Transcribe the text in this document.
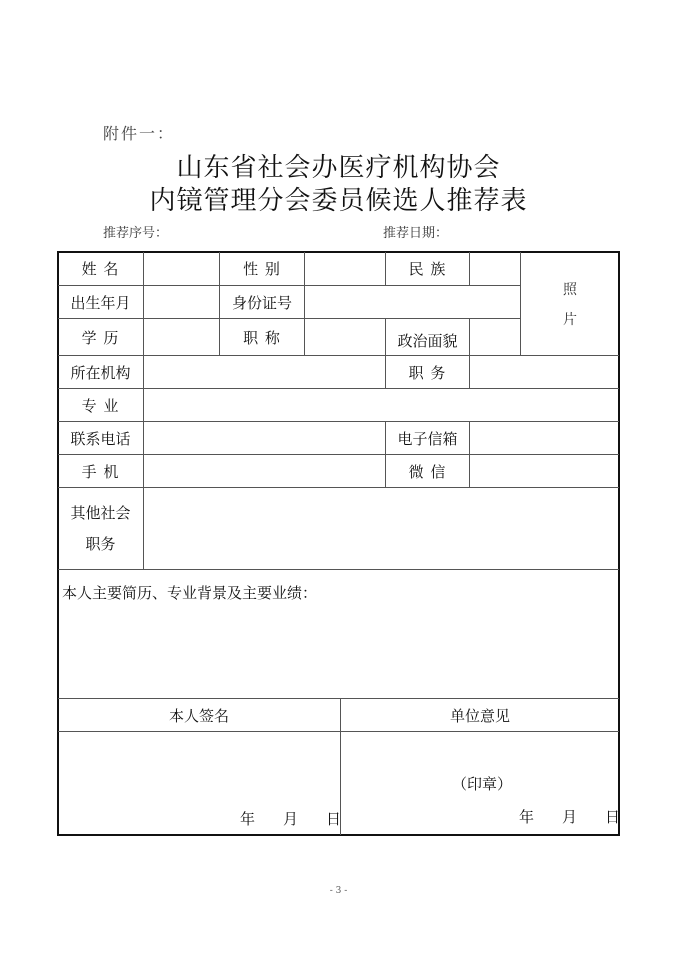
附件一：
山东省社会办医疗机构协会
内镜管理分会委员候选人推荐表
推荐序号：	推荐日期：
姓 名	性 别	民 族
照
片
出生年月	身份证号
学 历	职 称	政治面貌
所在机构	职 务
专 业
联系电话	电子信箱
手 机	微 信
其他社会
职务
本人主要简历、专业背景及主要业绩：
本人签名	单位意见
年 月 日
（印章）
年 月 日
- 3 -
